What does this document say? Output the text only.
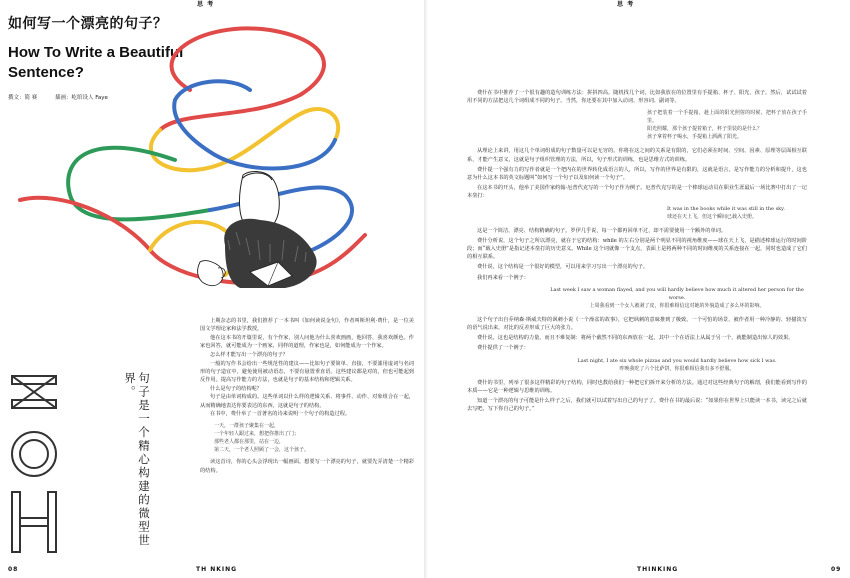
思 考
如何写一个漂亮的句子？
How To Write a Beautiful Sentence?
撰文：简 赛	插画：屹绾设人 Faye
句子是一个精心构建的微型世界。

上期杂志的书里，我们推荐了一本书叫《如何读说金句》，作者叫斯坦利·费什，是一位美国文学理论家和法学教授。

他在这本书的开篇里说，有个作家，别人问他为什么喜欢画画，他回答，我喜欢颜色。作家也回答，就可能成为一个画家，同样的道理，作家也是，如何能成为一个作家。

怎么样才能写出一个漂亮的句子？

一般的写作书会给出一些规范性的建议——比如句子要简单、直接，不要滥用虚词与名词形的句子造宜中，避免使用被动语态，不要有悬置垂直语。这些建议都是对的，但也可能起到反作用。提高写作能力的方法，也就是句子的基本结构和逻辑关系。

什么是句子的结构呢？

句子是由单词构成的。这些单词以什么样的逻辑关系、将事件、动作、对象组合在一起，从而精确地表达你要表达的东西，这就是句子的结构。

在书中，费什举了一首著名的诗来说明一个句子的构造过程。

一天，一群孩子聚集在一起，
一个年轻人跟过来，想把你推出了门；
那些老人都在那里，站在一边，
第二天，一个老人照顾了一会，这个孩子。

读这首诗，你的心头会浮现出一幅画面。想要写一个漂亮的句子，就要先弄清楚一个精彩的结构。

08	TH NKING
思 考

费什在书中推荐了一个很有趣的造句训练方法：拼拼四高。随机找几个词，比如我放在的位置里有手提箱、杯子、阳光、孩子。然后，试试试着用不同的方法把这几个词组成不同的句子。当然，你还要在其中加入动词、形容词、副词等。

孩子把装着一个手提箱、趁上面的阳光照射的时候，把杯子放在孩子手里。
阳光照耀，那个孩子提着箱子，杯子里装的是什么？
孩子拿着杯子喝水，手提箱上洒满了阳光。

从理论上来讲，用这几个单词组成的句子数量可以是无穷的。你将在这之间的关系是有限的，它们必须在时间、空间、因素、原理等层面相互联系，才能产生意义，这就是句子组织管理的方法，所以，句子形式的训练，也是思维方式的训练。

费什提一个强有力的写作者就是一个把内在的世界转化成语言的人，所以，写作的世界是有限的，这就是语言，是写作能力的分析和提升，这也意为什么这本书的英文标题叫“如何写一个句子以及如何读一个句子”。

在这本书的开头，他举了美国作家约翰·厄普代克写的一个句子作为例子。厄普代克写的是一个棒球运动员在职业生涯最后一场比赛中打出了一记本垒打：

It was in the books while it was still in the sky.
球还在天上飞，但这个瞬间已载入史册。

这是一个简洁、漂亮、结构精确的句子。罗伊几乎说，每一个都再回单不过，却不需要使用一个额外的单词。

费什分析说，这个句子之所以漂亮，就在于它的结构：while 的左右分别是两个明显不同的视角维度——球在天上飞，是描述棒球运行的时间阶段；而“载入史册”是指记述本垒打的历史意义。While 这个词就像一个支点，表面上是将两种不同的时间维度的关系连接在一起，同时也造成了它们的相互联系。

费什说，这个结构是一个很好的模型，可以用来学习写出一个漂亮的句子。

我们再来看一个例子：

Last week I saw a woman flayed, and you will hardly believe how much it altered her person for the worse.
上周我看到一个女人被剥了皮，你很难相信这对她的外貌造成了多么坏的影响。

这个句子出自乔纳森·斯威夫特的讽刺小说《一个澡盆的故事》，它把讽刺的意味推到了极致。一个可怕的场景，被作者用一种冷静的、轻描淡写的语气说出来，对比的反差形成了巨大的张力。

费什说，这也是结构的力量，而且不难复制：将两个截然不同的东西放在一起，其中一个在语法上从属于另一个，就能制造出惊人的效果。

费什提供了一个例子：

Last night, I ate six whole pizzas and you would hardly believe how sick I was.
昨晚我吃了六个比萨饼，你很难相信我有多不舒服。

费什的书里，列举了很多这样精彩的句子结构，同时也教给我们一种把它们拆开来分析的方法。通过对这些经典句子的解剖，我们能看到写作的本质——它是一种逻辑与思维的训练。

知道一个漂亮的句子可能是什么样子之后，我们就可以试着写出自己的句子了。费什在书的最后说：“如果你在世界上只能读一本书，读完之后就去写吧，写下你自己的句子。”

THINKING	09
